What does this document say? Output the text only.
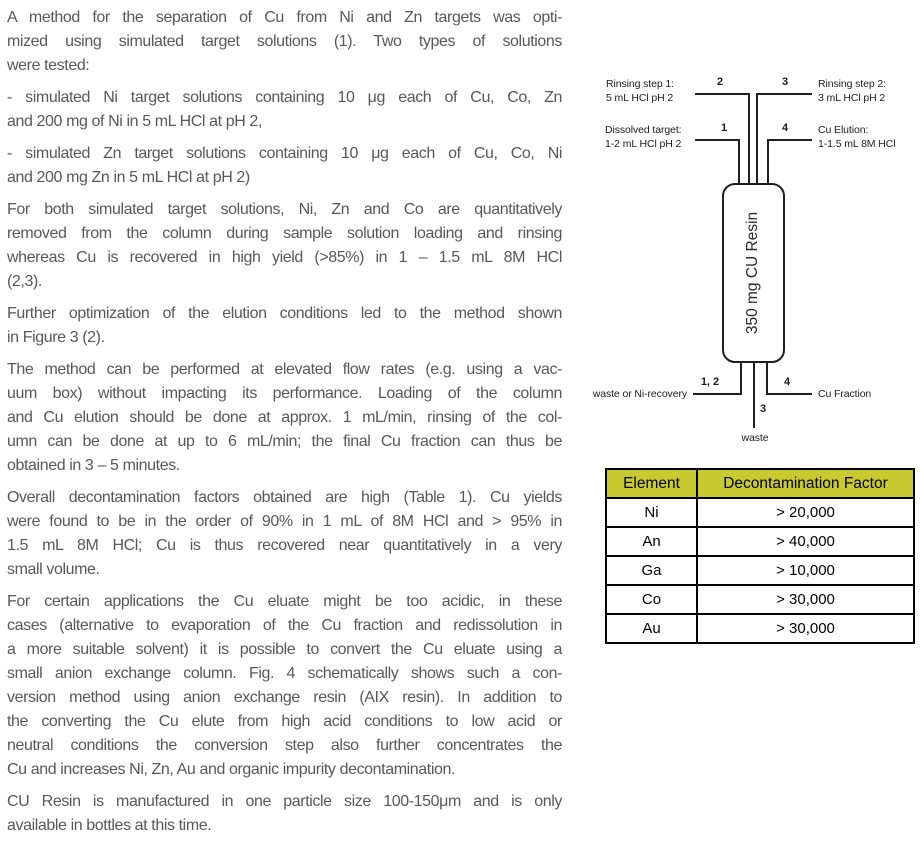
A method for the separation of Cu from Ni and Zn targets was opti-
mized using simulated target solutions (1). Two types of solutions
were tested:
- simulated Ni target solutions containing 10 μg each of Cu, Co, Zn
and 200 mg of Ni in 5 mL HCl at pH 2,
- simulated Zn target solutions containing 10 μg each of Cu, Co, Ni
and 200 mg Zn in 5 mL HCl at pH 2)
For both simulated target solutions, Ni, Zn and Co are quantitatively
removed from the column during sample solution loading and rinsing
whereas Cu is recovered in high yield (>85%) in 1 – 1.5 mL 8M HCl
(2,3).
Further optimization of the elution conditions led to the method shown
in Figure 3 (2).
The method can be performed at elevated flow rates (e.g. using a vac-
uum box) without impacting its performance. Loading of the column
and Cu elution should be done at approx. 1 mL/min, rinsing of the col-
umn can be done at up to 6 mL/min; the final Cu fraction can thus be
obtained in 3 – 5 minutes.
Overall decontamination factors obtained are high (Table 1). Cu yields
were found to be in the order of 90% in 1 mL of 8M HCl and > 95% in
1.5 mL 8M HCl; Cu is thus recovered near quantitatively in a very
small volume.
For certain applications the Cu eluate might be too acidic, in these
cases (alternative to evaporation of the Cu fraction and redissolution in
a more suitable solvent) it is possible to convert the Cu eluate using a
small anion exchange column. Fig. 4 schematically shows such a con-
version method using anion exchange resin (AIX resin). In addition to
the converting the Cu elute from high acid conditions to low acid or
neutral conditions the conversion step also further concentrates the
Cu and increases Ni, Zn, Au and organic impurity decontamination.
CU Resin is manufactured in one particle size 100-150μm and is only
available in bottles at this time.
350 mg CU Resin
2	3
1	4
1, 2	4
3
Rinsing step 1:
5 mL HCl pH 2
Rinsing step 2:
3 mL HCl pH 2
Dissolved target:
1-2 mL HCl pH 2
Cu Elution:
1-1.5 mL 8M HCl
waste or Ni-recovery	Cu Fraction
waste
Element	Decontamination Factor
Ni	> 20,000
An	> 40,000
Ga	> 10,000
Co	> 30,000
Au	> 30,000
